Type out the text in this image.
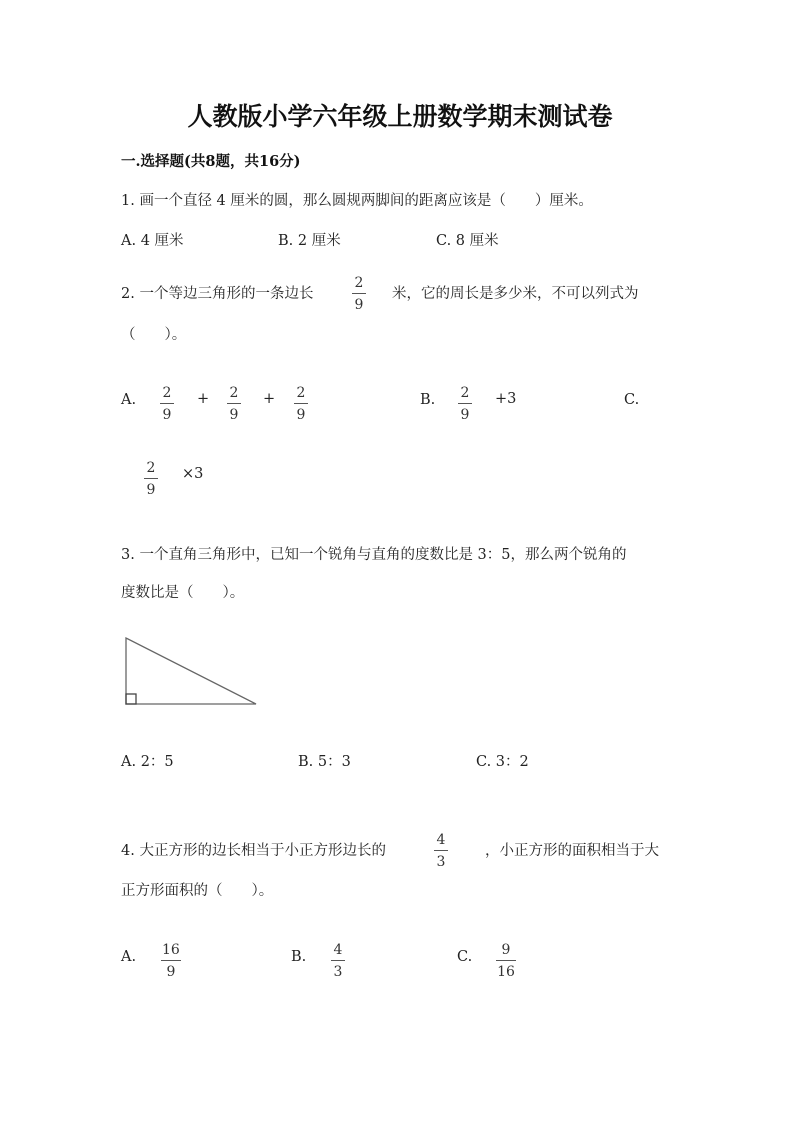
人教版小学六年级上册数学期末测试卷
一.选择题(共8题，共16分)
1. 画一个直径 4 厘米的圆，那么圆规两脚间的距离应该是（　　）厘米。
A. 4 厘米	B. 2 厘米	C. 8 厘米
2. 一个等边三角形的一条边长
2
9
米，它的周长是多少米，不可以列式为
（　　）。
A. 2
9
+ 2
9
+ 2
9
B. 2
9
+3	C.
2
9
×3
3. 一个直角三角形中，已知一个锐角与直角的度数比是 3：5，那么两个锐角的
度数比是（　　）。
A. 2：5	B. 5：3	C. 3：2
4. 大正方形的边长相当于小正方形边长的
4
3
，小正方形的面积相当于大
正方形面积的（　　）。
A. 16
9
B. 4
3
C. 9
16
